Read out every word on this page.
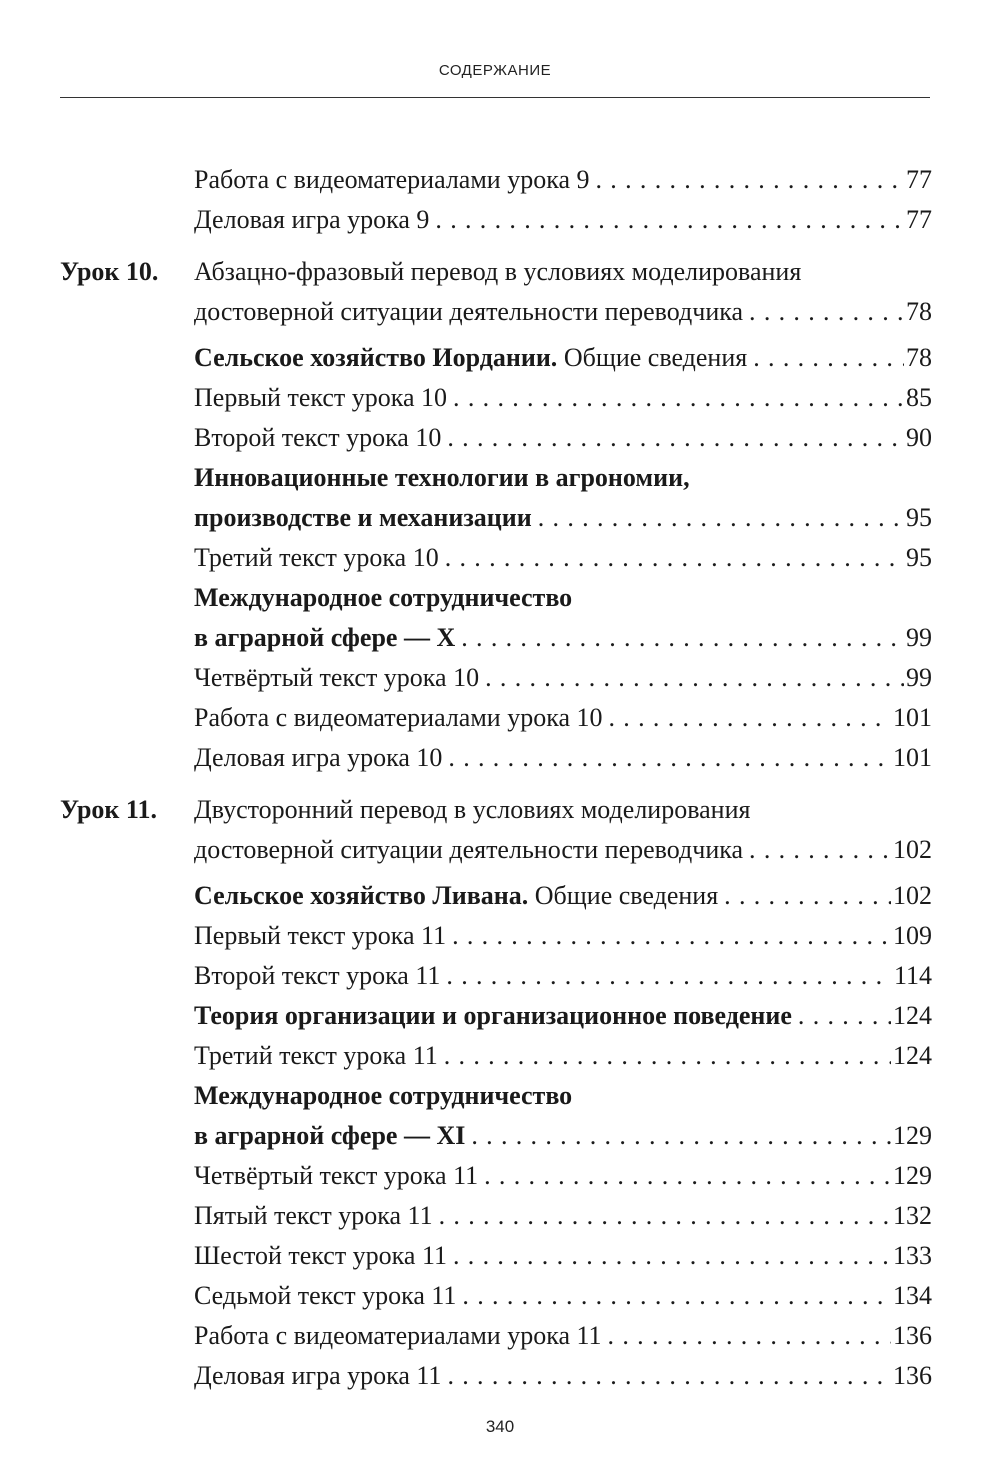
СОДЕРЖАНИЕ
Работа с видеоматериалами урока 9 . . .	77
Деловая игра урока 9 . . .	77
Урок 10. Абзацно-фразовый перевод в условиях моделирования
достоверной ситуации деятельности переводчика . . .	78
Сельское хозяйство Иордании. Общие сведения . . .	78
Первый текст урока 10 . . .	85
Второй текст урока 10 . . .	90
Инновационные технологии в агрономии,
производстве и механизации . . .	95
Третий текст урока 10 . . .	95
Международное сотрудничество
в аграрной сфере — X . . .	99
Четвёртый текст урока 10 . . .	99
Работа с видеоматериалами урока 10 . . .	101
Деловая игра урока 10 . . .	101
Урок 11. Двусторонний перевод в условиях моделирования
достоверной ситуации деятельности переводчика . . .	102
Сельское хозяйство Ливана. Общие сведения . . .	102
Первый текст урока 11 . . .	109
Второй текст урока 11 . . .	114
Теория организации и организационное поведение . . .	124
Третий текст урока 11 . . .	124
Международное сотрудничество
в аграрной сфере — XI . . .	129
Четвёртый текст урока 11 . . .	129
Пятый текст урока 11 . . .	132
Шестой текст урока 11 . . .	133
Седьмой текст урока 11 . . .	134
Работа с видеоматериалами урока 11 . . .	136
Деловая игра урока 11 . . .	136
340
